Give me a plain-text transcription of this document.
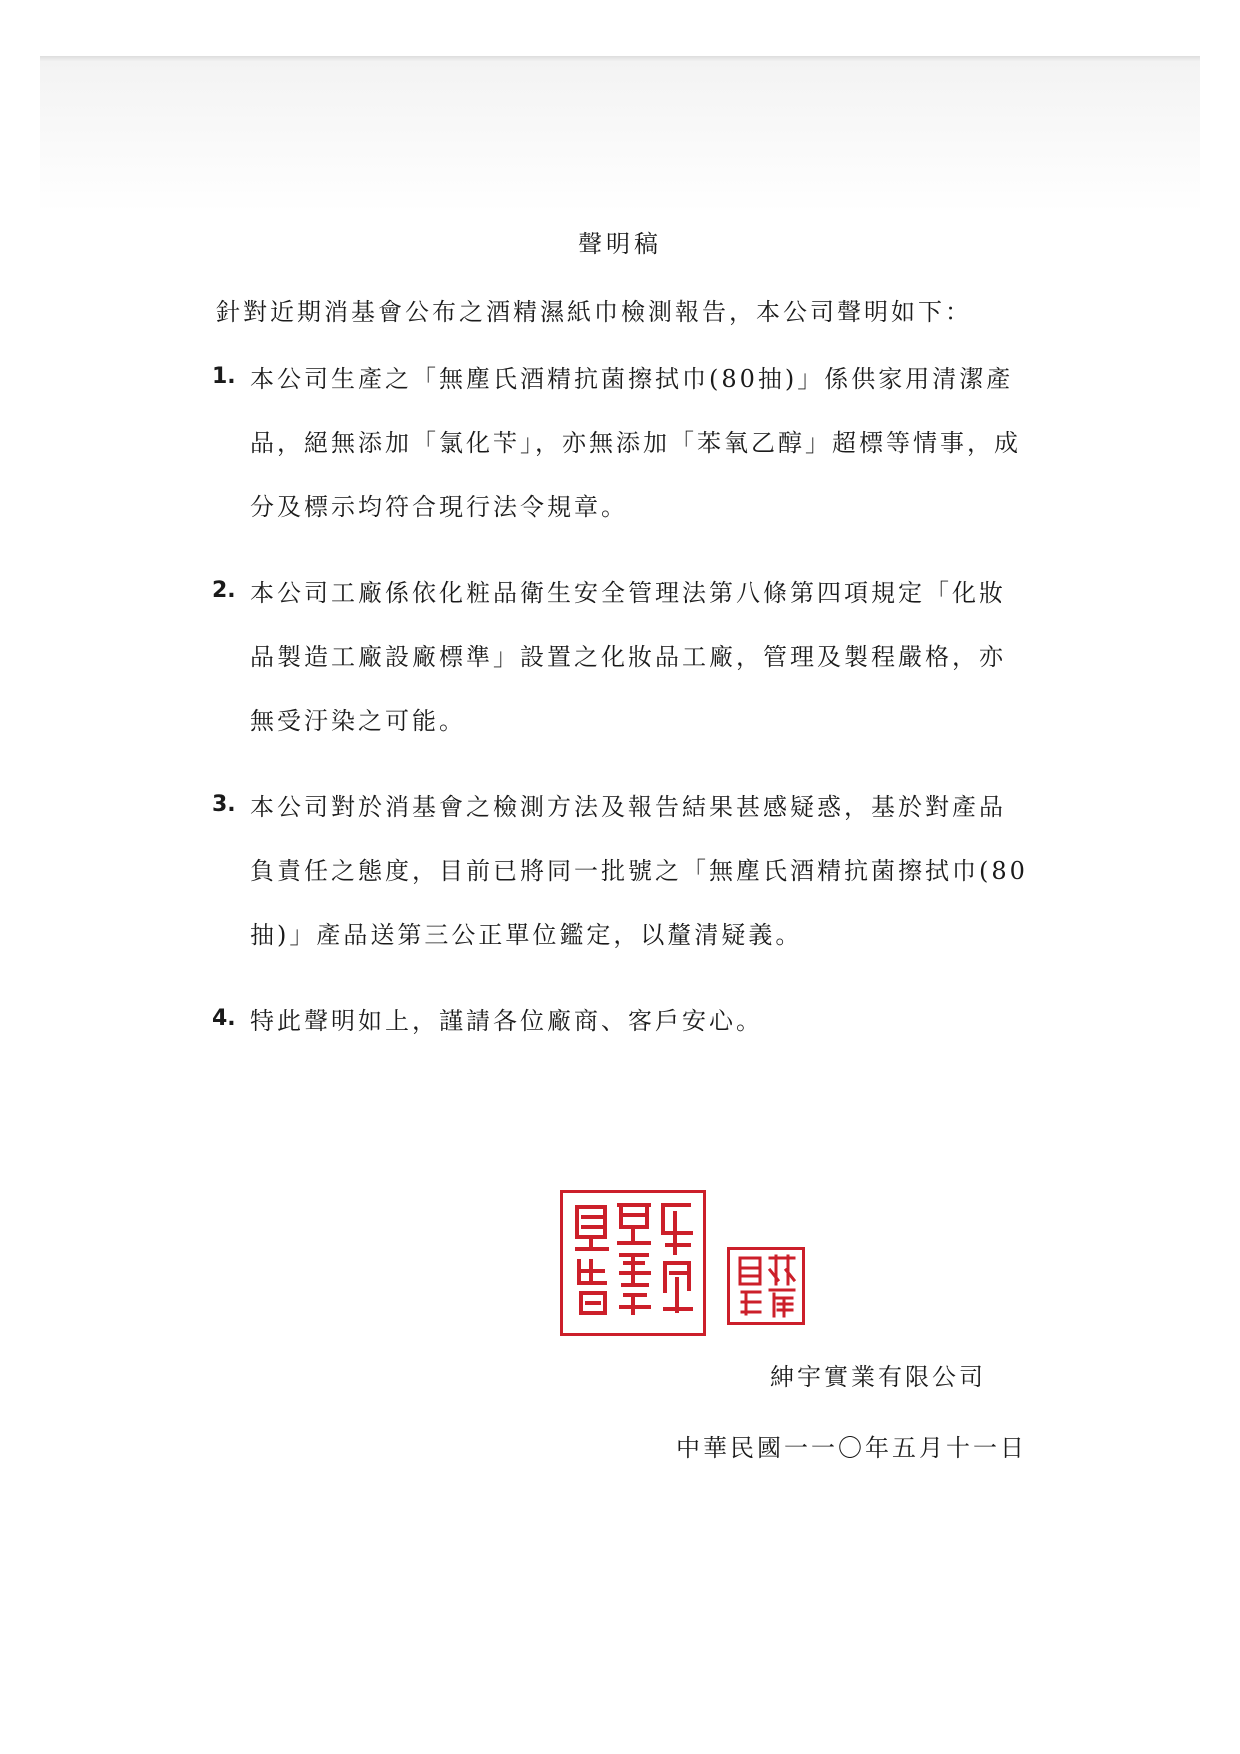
聲明稿
針對近期消基會公布之酒精濕紙巾檢測報告，本公司聲明如下：
1. 本公司生產之「無塵氏酒精抗菌擦拭巾(80抽)」係供家用清潔產
品，絕無添加「氯化苄」，亦無添加「苯氧乙醇」超標等情事，成
分及標示均符合現行法令規章。
2. 本公司工廠係依化粧品衛生安全管理法第八條第四項規定「化妝
品製造工廠設廠標準」設置之化妝品工廠，管理及製程嚴格，亦
無受汙染之可能。
3. 本公司對於消基會之檢測方法及報告結果甚感疑惑，基於對產品
負責任之態度，目前已將同一批號之「無塵氏酒精抗菌擦拭巾(80
抽)」產品送第三公正單位鑑定，以釐清疑義。
4. 特此聲明如上，謹請各位廠商、客戶安心。
紳宇實業有限公司
中華民國一一〇年五月十一日
